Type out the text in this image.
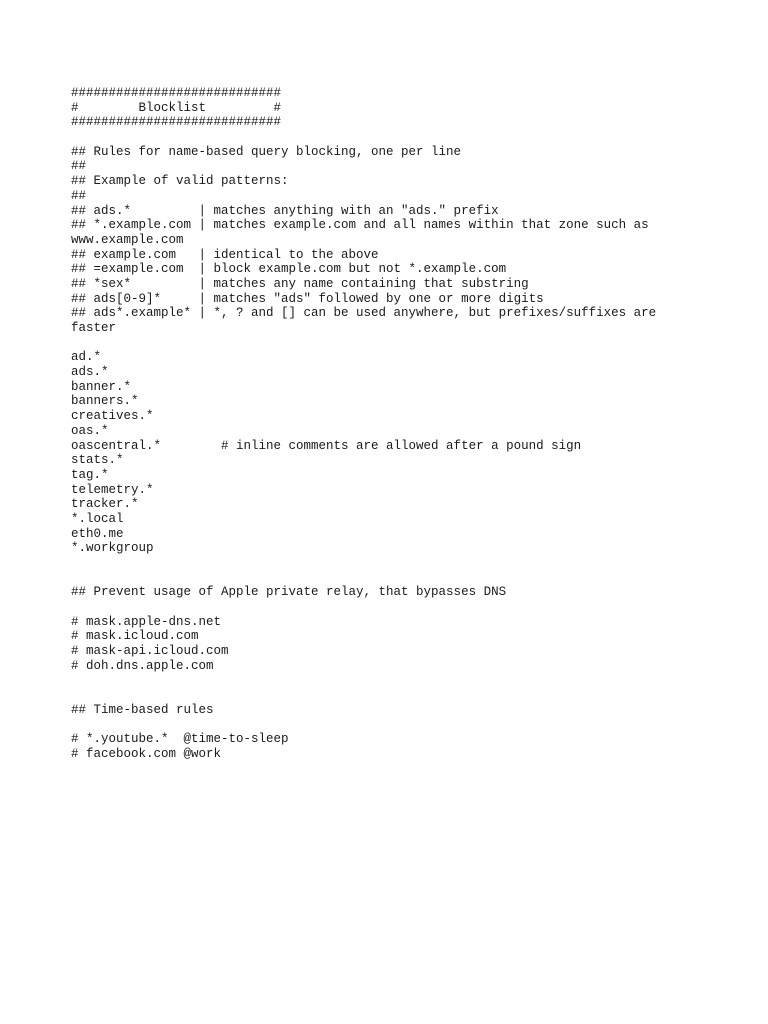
############################
#        Blocklist         #
############################
## Rules for name-based query blocking, one per line
##
## Example of valid patterns:
##
## ads.*         | matches anything with an "ads." prefix
## *.example.com | matches example.com and all names within that zone such as
www.example.com
## example.com   | identical to the above
## =example.com  | block example.com but not *.example.com
## *sex*         | matches any name containing that substring
## ads[0-9]*     | matches "ads" followed by one or more digits
## ads*.example* | *, ? and [] can be used anywhere, but prefixes/suffixes are
faster
ad.*
ads.*
banner.*
banners.*
creatives.*
oas.*
oascentral.*        # inline comments are allowed after a pound sign
stats.*
tag.*
telemetry.*
tracker.*
*.local
eth0.me
*.workgroup
## Prevent usage of Apple private relay, that bypasses DNS
# mask.apple-dns.net
# mask.icloud.com
# mask-api.icloud.com
# doh.dns.apple.com
## Time-based rules
# *.youtube.*  @time-to-sleep
# facebook.com @work
